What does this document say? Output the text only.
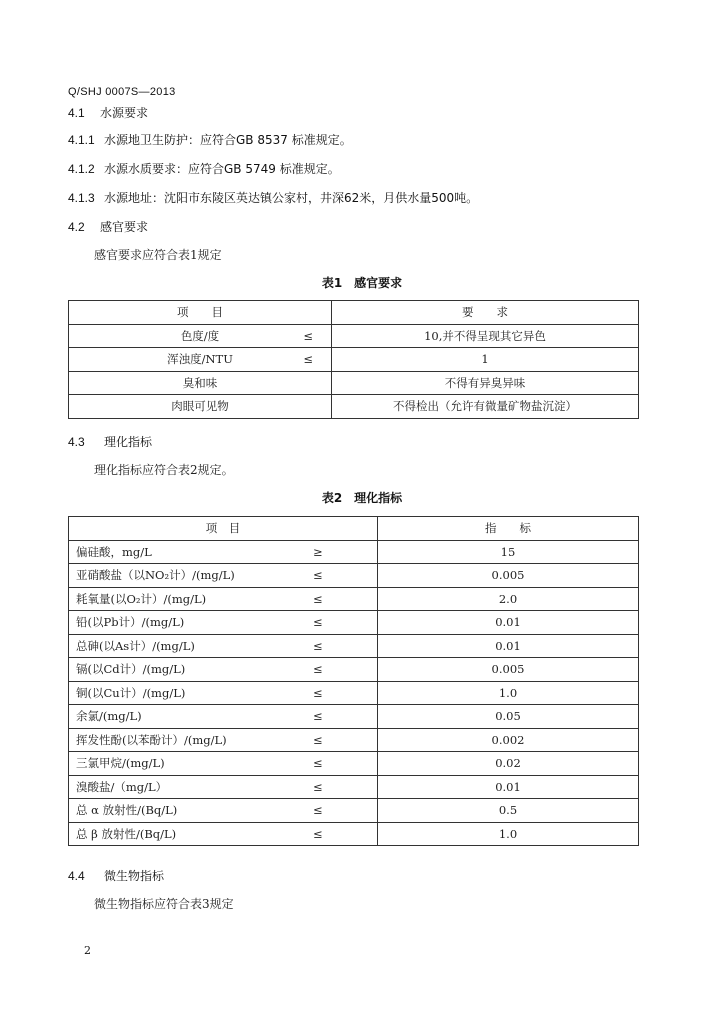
Q/SHJ 0007S—2013
4.1 水源要求
4.1.1 水源地卫生防护：应符合GB 8537 标准规定。
4.1.2 水源水质要求：应符合GB 5749 标准规定。
4.1.3 水源地址：沈阳市东陵区英达镇公家村，井深62米，月供水量500吨。
4.2 感官要求
感官要求应符合表1规定
表1　感官要求
项　　目	要　　求
色度/度 ≤	10,并不得呈现其它异色
浑浊度/NTU ≤	1
臭和味	不得有异臭异味
肉眼可见物	不得检出（允许有微量矿物盐沉淀）
4.3 理化指标
理化指标应符合表2规定。
表2　理化指标
项　目	指　　标
偏硅酸，mg/L ≥	15
亚硝酸盐（以NO₂计）/(mg/L) ≤	0.005
耗氧量(以O₂计）/(mg/L) ≤	2.0
铅(以Pb计）/(mg/L) ≤	0.01
总砷(以As计）/(mg/L) ≤	0.01
镉(以Cd计）/(mg/L) ≤	0.005
铜(以Cu计）/(mg/L) ≤	1.0
余氯/(mg/L) ≤	0.05
挥发性酚(以苯酚计）/(mg/L) ≤	0.002
三氯甲烷/(mg/L) ≤	0.02
溴酸盐/（mg/L） ≤	0.01
总 α 放射性/(Bq/L) ≤	0.5
总 β 放射性/(Bq/L) ≤	1.0
4.4 微生物指标
微生物指标应符合表3规定
2
